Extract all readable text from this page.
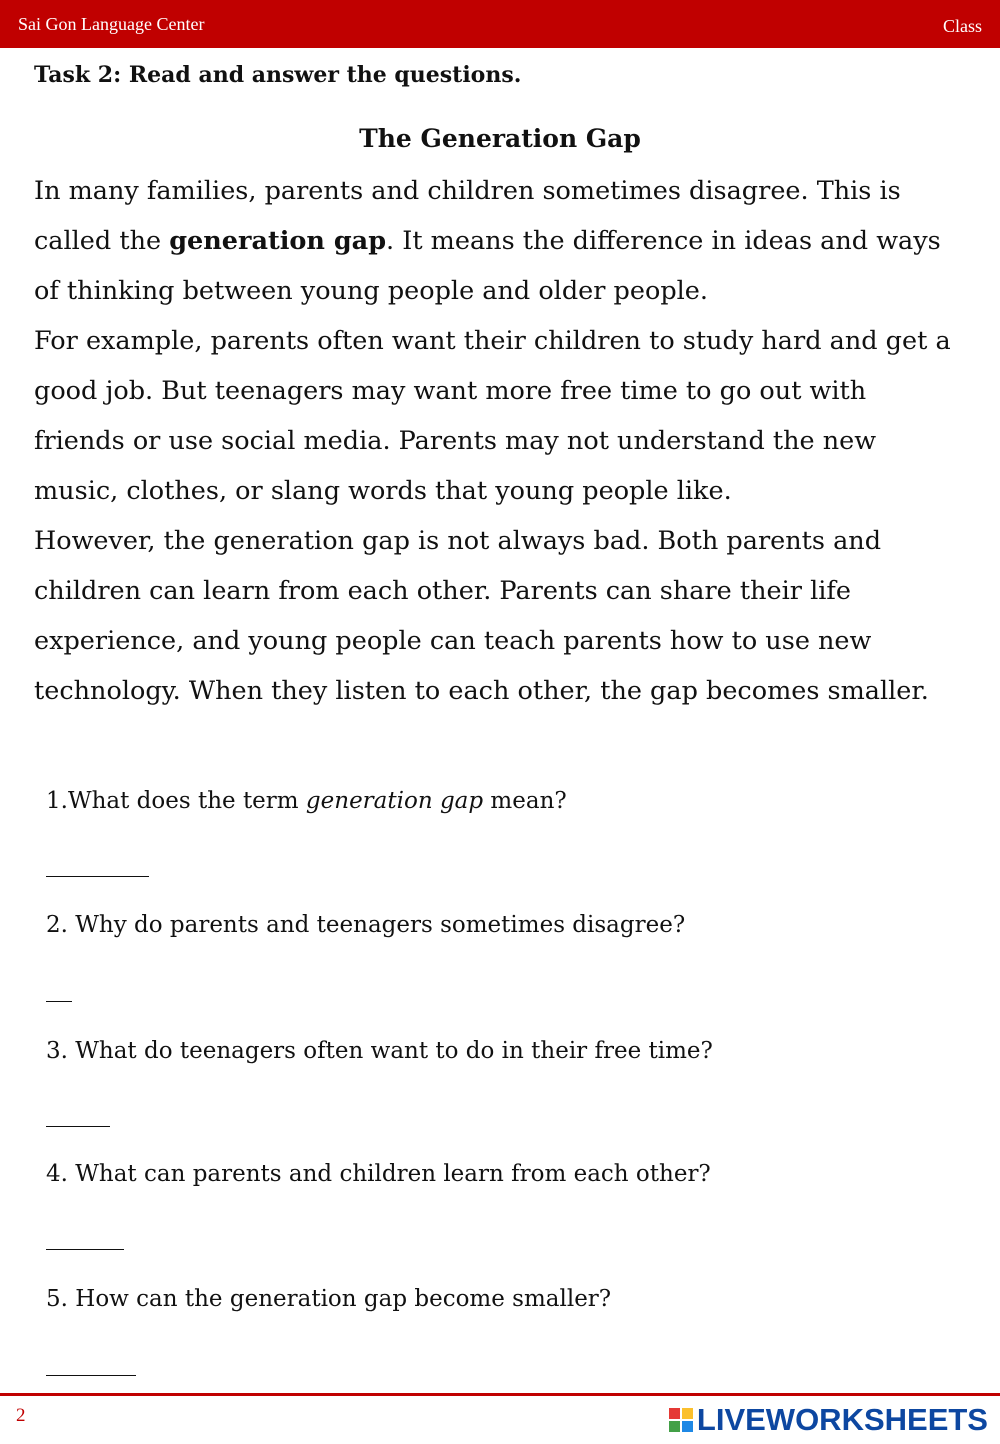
Sai Gon Language Center	Class
Task 2: Read and answer the questions.
The Generation Gap

In many families, parents and children sometimes disagree. This is called the generation gap. It means the difference in ideas and ways of thinking between young people and older people.

For example, parents often want their children to study hard and get a good job. But teenagers may want more free time to go out with friends or use social media. Parents may not understand the new music, clothes, or slang words that young people like.

However, the generation gap is not always bad. Both parents and children can learn from each other. Parents can share their life experience, and young people can teach parents how to use new technology. When they listen to each other, the gap becomes smaller.

1.What does the term generation gap mean?
2. Why do parents and teenagers sometimes disagree?
3. What do teenagers often want to do in their free time?
4. What can parents and children learn from each other?
5. How can the generation gap become smaller?
2	LIVEWORKSHEETS
